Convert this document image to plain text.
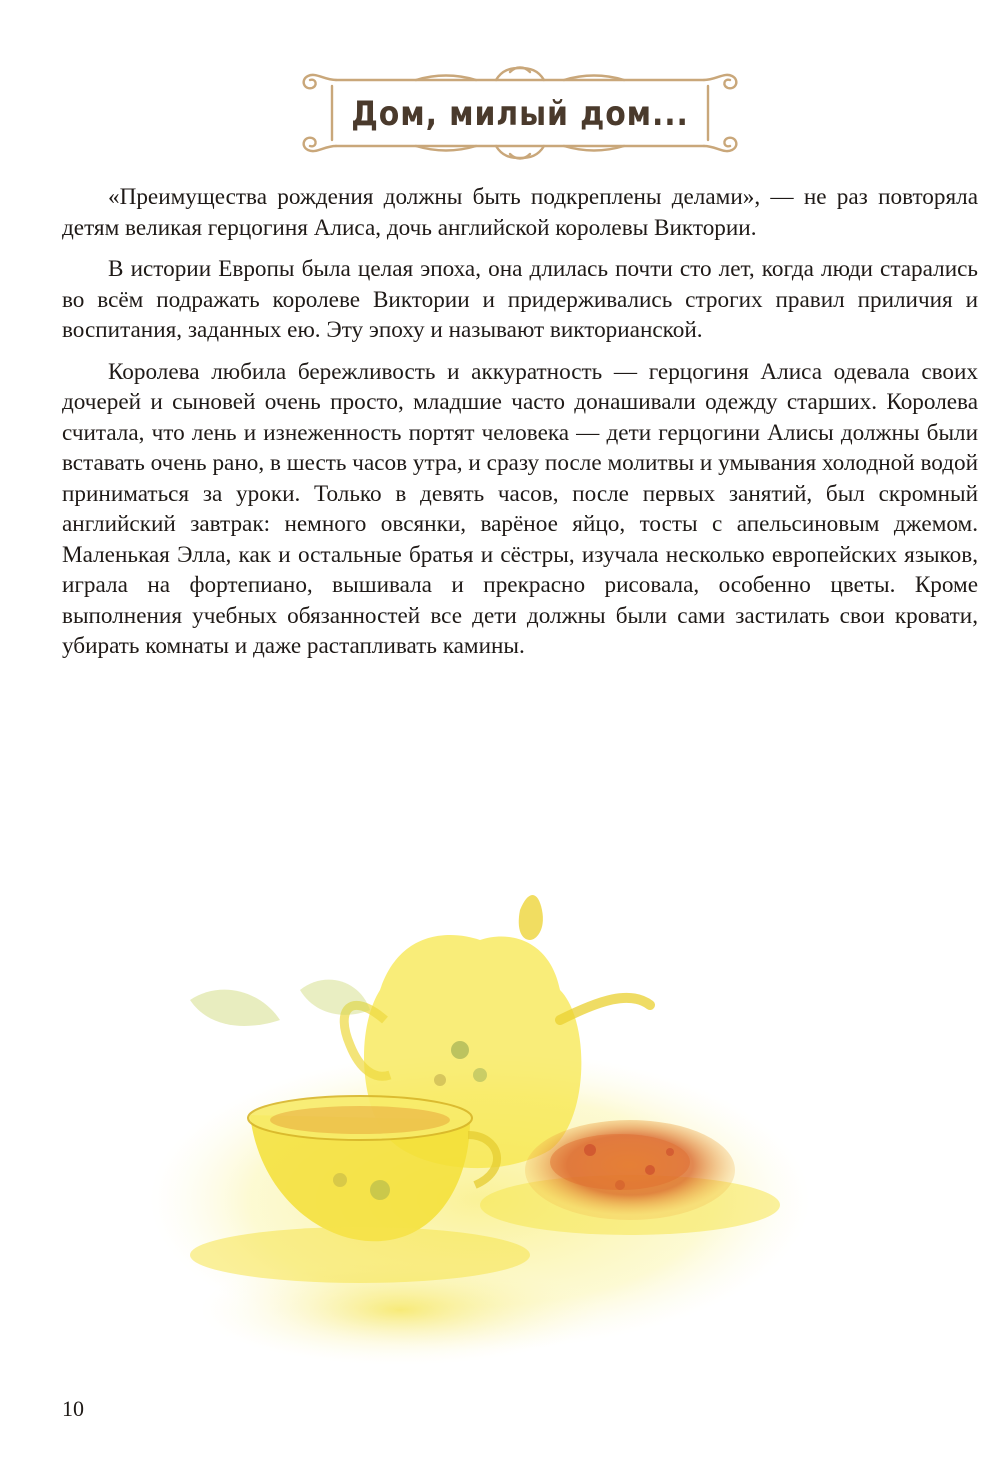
Дом, милый дом...

«Преимущества рождения должны быть подкреплены делами», — не раз повторяла детям великая герцогиня Алиса, дочь английской королевы Виктории.

В истории Европы была целая эпоха, она длилась почти сто лет, когда люди старались во всём подражать королеве Виктории и придерживались строгих правил приличия и воспитания, заданных ею. Эту эпоху и называют викторианской.

Королева любила бережливость и аккуратность — герцогиня Алиса одевала своих дочерей и сыновей очень просто, младшие часто донашивали одежду старших. Королева считала, что лень и изнеженность портят человека — дети герцогини Алисы должны были вставать очень рано, в шесть часов утра, и сразу после молитвы и умывания холодной водой приниматься за уроки. Только в девять часов, после первых занятий, был скромный английский завтрак: немного овсянки, варёное яйцо, тосты с апельсиновым джемом. Маленькая Элла, как и остальные братья и сёстры, изучала несколько европейских языков, играла на фортепиано, вышивала и прекрасно рисовала, особенно цветы. Кроме выполнения учебных обязанностей все дети должны были сами застилать свои кровати, убирать комнаты и даже растапливать камины.

10
